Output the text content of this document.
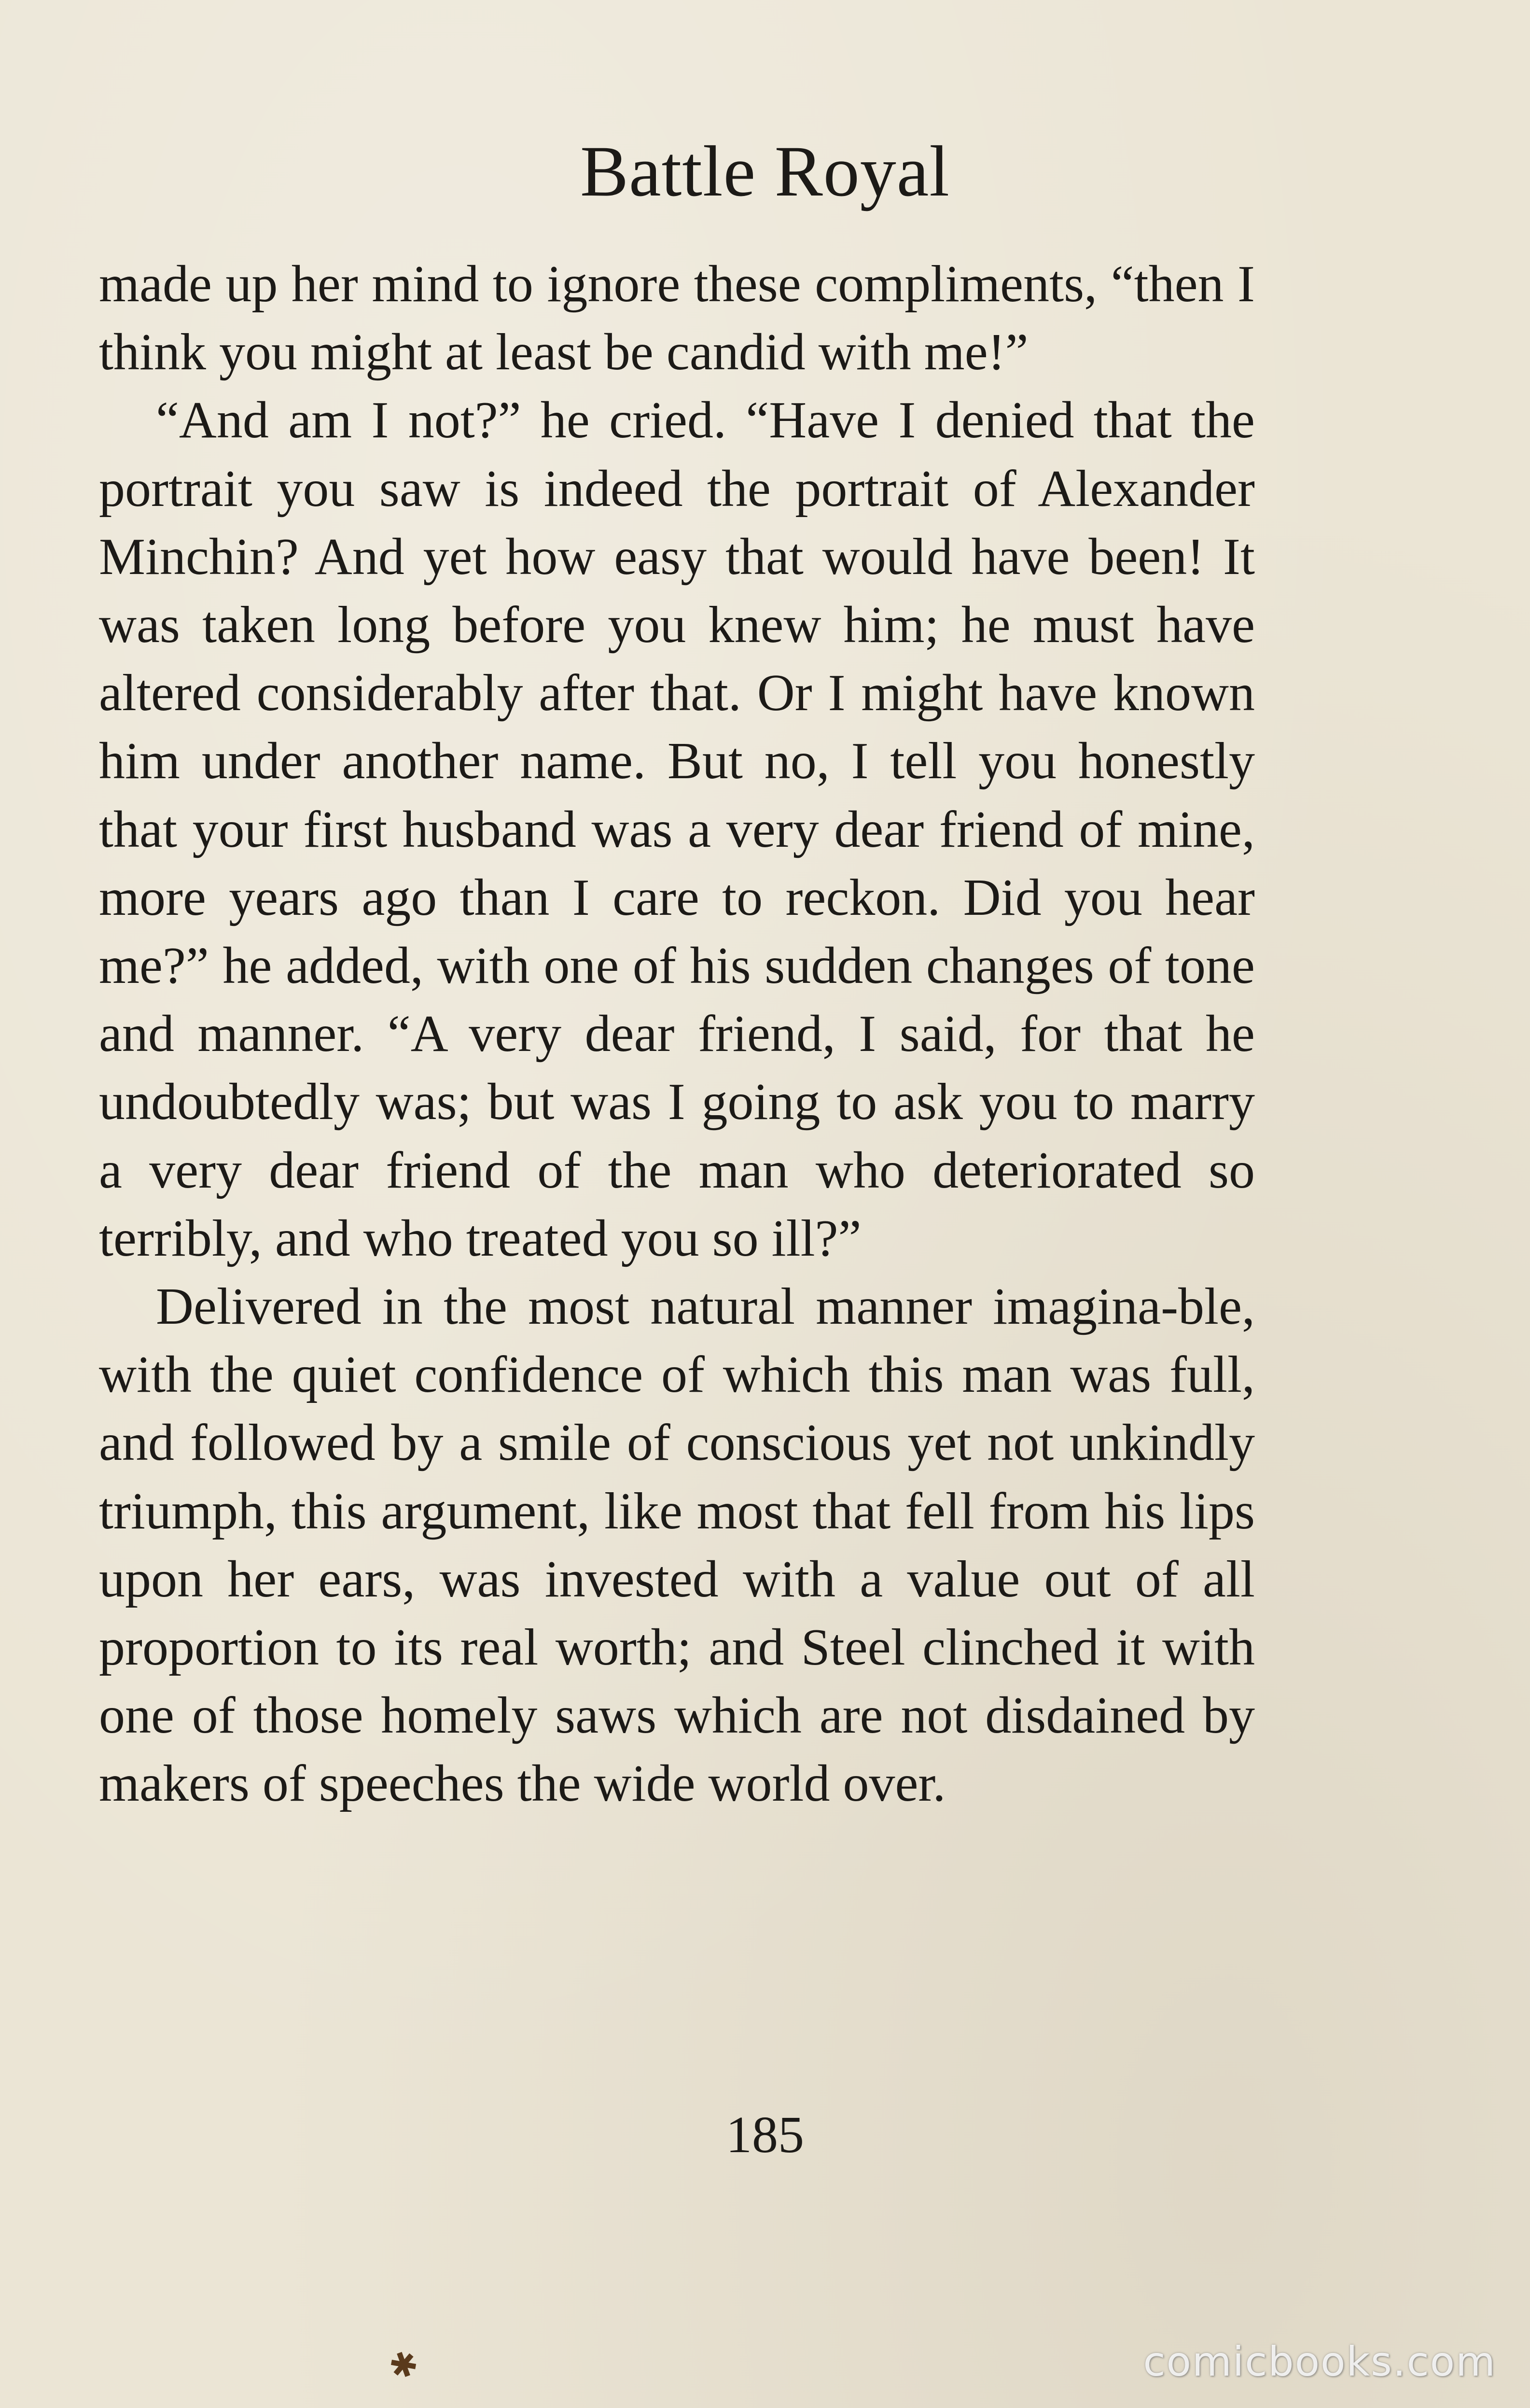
Battle Royal

made up her mind to ignore these compliments, “then I think you might at least be candid with me!”

“And am I not?” he cried. “Have I denied that the portrait you saw is indeed the portrait of Alexander Minchin? And yet how easy that would have been! It was taken long before you knew him; he must have altered considerably after that. Or I might have known him under another name. But no, I tell you honestly that your first husband was a very dear friend of mine, more years ago than I care to reckon. Did you hear me?” he added, with one of his sudden changes of tone and manner. “A very dear friend, I said, for that he undoubtedly was; but was I going to ask you to marry a very dear friend of the man who deteriorated so terribly, and who treated you so ill?”

Delivered in the most natural manner imagina-ble, with the quiet confidence of which this man was full, and followed by a smile of conscious yet not unkindly triumph, this argument, like most that fell from his lips upon her ears, was invested with a value out of all proportion to its real worth; and Steel clinched it with one of those homely saws which are not disdained by makers of speeches the wide world over.

185
✱	comicbooks.com
